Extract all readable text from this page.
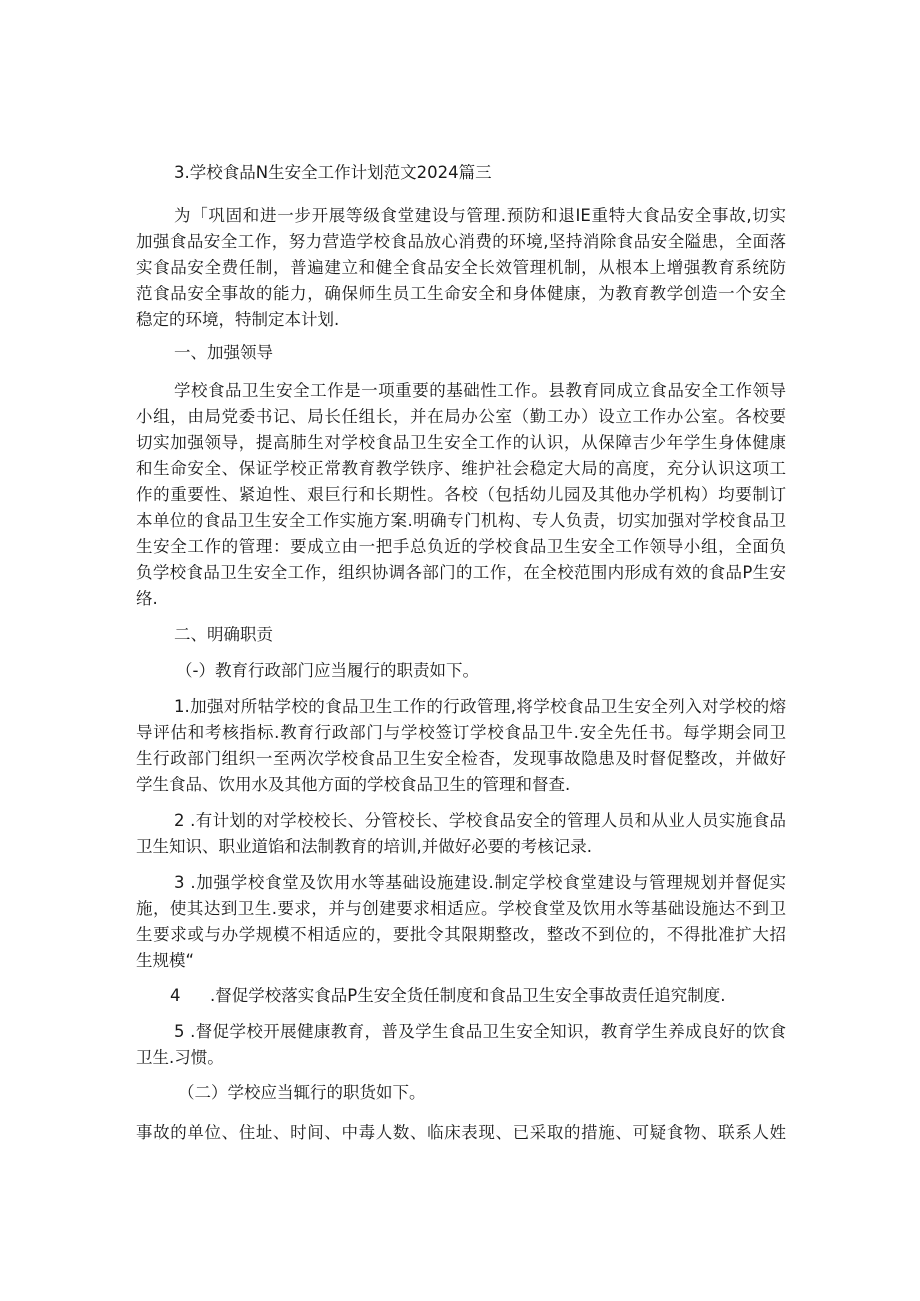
3.学校食品N生安全工作计划范文2024篇三
为「巩固和进一步开展等级食堂建设与管理.预防和退IE重特大食品安全事故,切实
加强食品安全工作，努力营造学校食品放心消费的环境,坚持消除食品安全隘患，全面落
实食品安全费任制，普遍建立和健全食品安全长效管理机制，从根本上增强教育系统防
范食品安全事故的能力，确保师生员工生命安全和身体健康，为教育教学创造一个安全
稳定的环境，特制定本计划.
一、加强领导
学校食品卫生安全工作是一项重要的基础性工作。县教育同成立食品安全工作领导
小组，由局党委书记、局长任组长，并在局办公室（勤工办）设立工作办公室。各校要
切实加强领导，提高肺生对学校食品卫生安全工作的认识，从保障吉少年学生身体健康
和生命安全、保证学校正常教育教学铁序、维护社会稳定大局的高度，充分认识这项工
作的重要性、紧迫性、艰巨行和长期性。各校（包括幼儿园及其他办学机构）均要制订
本单位的食品卫生安全工作实施方案.明确专门机构、专人负责，切实加强对学校食品卫
生安全工作的管理：要成立由一把手总负近的学校食品卫生安全工作领导小组，全面负
负学校食品卫生安全工作，组织协调各部门的工作，在全校范围内形成有效的食品P生安
络.
二、明确职贡
（-）教育行政部门应当履行的职责如下。
1.加强对所牯学校的食品卫生工作的行政管理,将学校食品卫生安全列入对学校的熔
导评估和考核指标.教育行政部门与学校签订学校食品卫牛.安全先任书。每学期会同卫
生行政部门组织一至两次学校食品卫生安全检杳，发现事故隐患及时督促整改，并做好
学生食品、饮用水及其他方面的学校食品卫生的管理和督查.
2 .有计划的对学校校长、分管校长、学校食品安全的管理人员和从业人员实施食品
卫生知识、职业道馅和法制教育的培训,并做好必要的考核记录.
3 .加强学校食堂及饮用水等基础设施建设.制定学校食堂建设与管理规划并督促实
施，使其达到卫生.要求，并与创建要求相适应。学校食堂及饮用水等基础设施达不到卫
生要求或与办学规模不相适应的，要批令其限期整改，整改不到位的，不得批准扩大招
生规模“
4	.督促学校落实食品P生安全货任制度和食品卫生安全事故责任追究制度.
5 .督促学校开展健康教育，普及学生食品卫生安全知识，教育学生养成良好的饮食
卫生.习惯。
（二）学校应当辄行的职货如下。
事故的单位、住址、时间、中毒人数、临床表现、已采取的措施、可疑食物、联系人姓
